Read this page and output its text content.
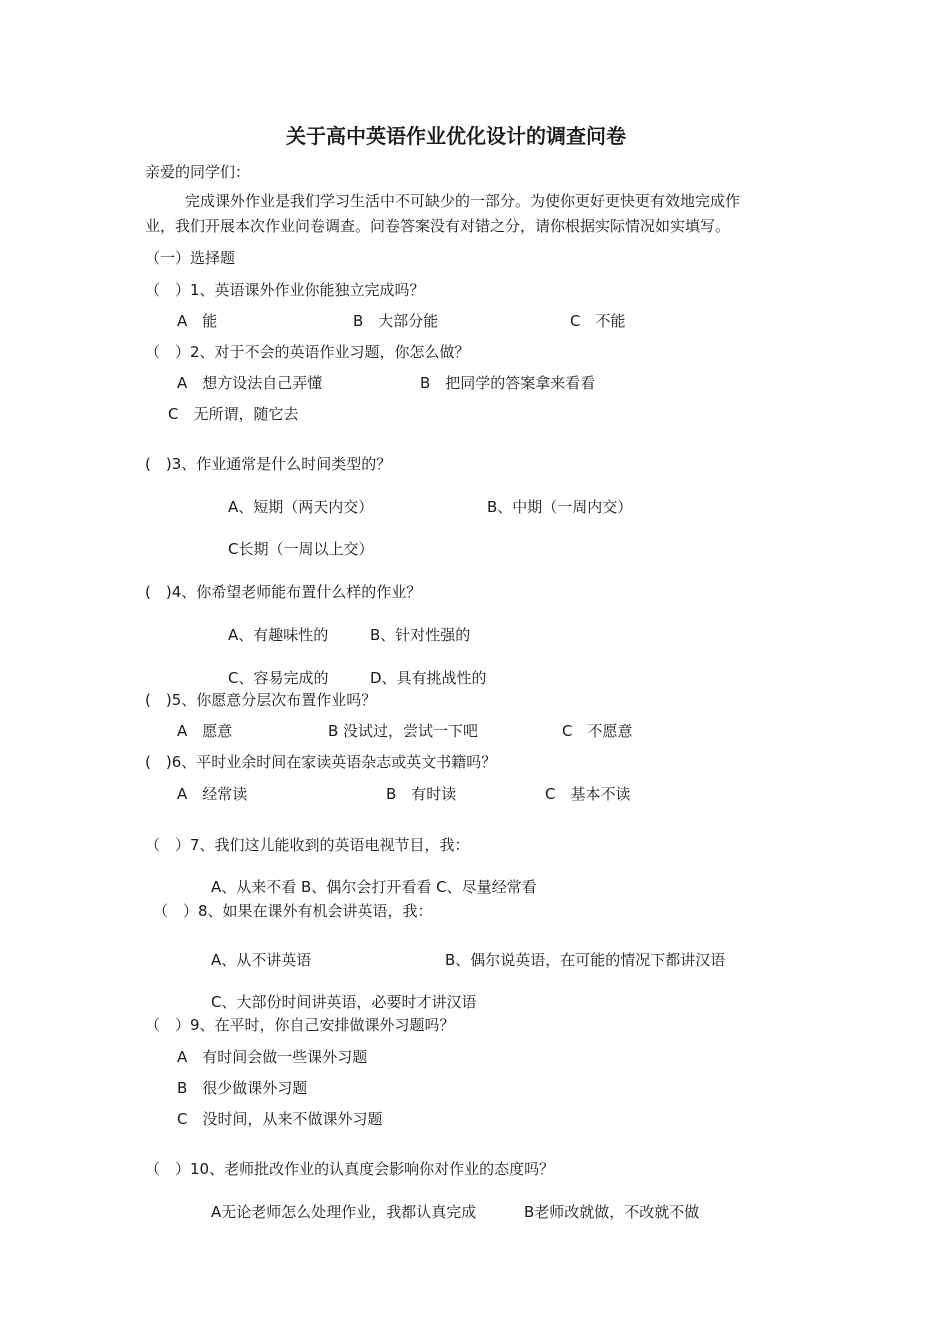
关于高中英语作业优化设计的调查问卷
亲爱的同学们：
完成课外作业是我们学习生活中不可缺少的一部分。为使你更好更快更有效地完成作
业，我们开展本次作业问卷调查。问卷答案没有对错之分，请你根据实际情况如实填写。
（一）选择题
（　）1、英语课外作业你能独立完成吗？
A　能	B　大部分能	C　不能
（　）2、对于不会的英语作业习题，你怎么做？
A　想方设法自己弄懂	B　把同学的答案拿来看看
C　无所谓，随它去
(　)3、作业通常是什么时间类型的？
A、短期（两天内交）	B、中期（一周内交）
C长期（一周以上交）
(　)4、你希望老师能布置什么样的作业？
A、有趣味性的	B、针对性强的
C、容易完成的	D、具有挑战性的
(　)5、你愿意分层次布置作业吗？
A　愿意	B 没试过，尝试一下吧	C　不愿意
(　)6、平时业余时间在家读英语杂志或英文书籍吗？
A　经常读	B　有时读	C　基本不读
（　）7、我们这儿能收到的英语电视节目，我：
A、从来不看 B、偶尔会打开看看 C、尽量经常看
（　）8、如果在课外有机会讲英语，我：
A、从不讲英语	B、偶尔说英语，在可能的情况下都讲汉语
C、大部份时间讲英语，必要时才讲汉语
（　）9、在平时，你自己安排做课外习题吗？
A　有时间会做一些课外习题
B　很少做课外习题
C　没时间，从来不做课外习题
（　）10、老师批改作业的认真度会影响你对作业的态度吗？
A无论老师怎么处理作业，我都认真完成	B老师改就做，不改就不做
